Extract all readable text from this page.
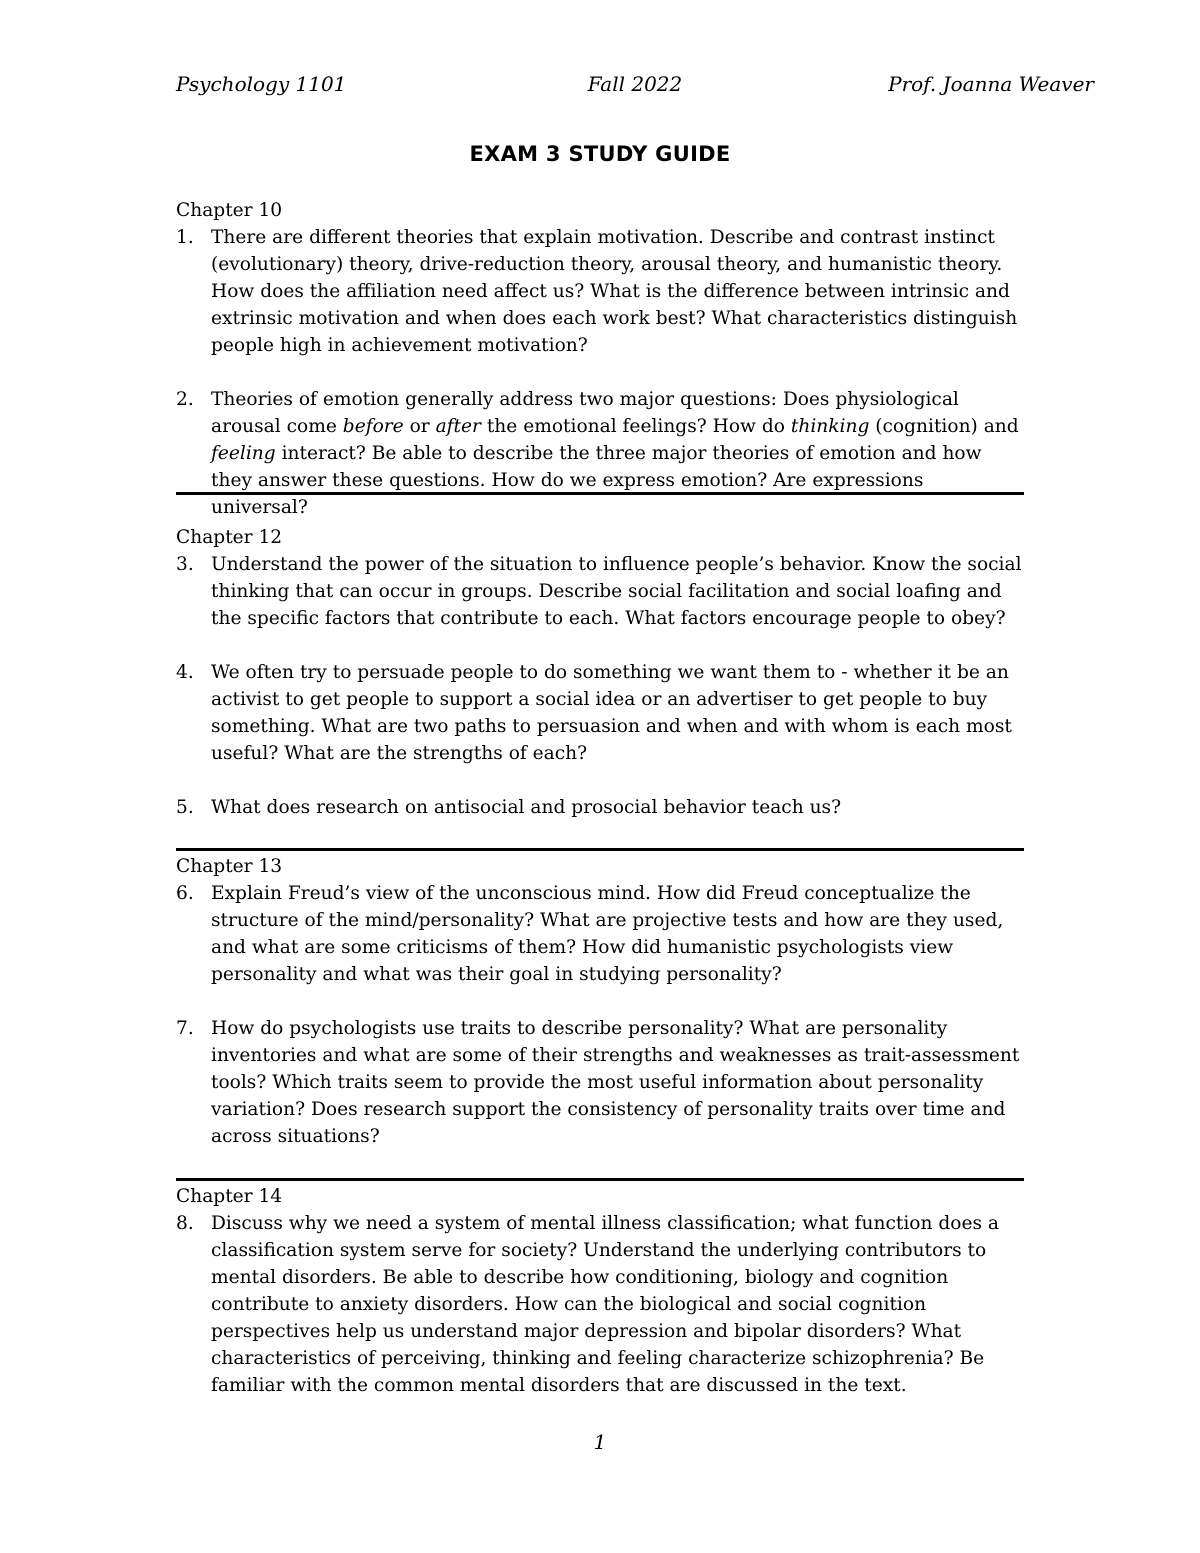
Psychology 1101	Fall 2022	Prof. Joanna Weaver
EXAM 3 STUDY GUIDE
Chapter 10
1. There are different theories that explain motivation. Describe and contrast instinct (evolutionary) theory, drive-reduction theory, arousal theory, and humanistic theory. How does the affiliation need affect us? What is the difference between intrinsic and extrinsic motivation and when does each work best? What characteristics distinguish people high in achievement motivation?
2. Theories of emotion generally address two major questions: Does physiological arousal come before or after the emotional feelings? How do thinking (cognition) and feeling interact? Be able to describe the three major theories of emotion and how they answer these questions. How do we express emotion? Are expressions universal?
Chapter 12
3. Understand the power of the situation to influence people’s behavior. Know the social thinking that can occur in groups. Describe social facilitation and social loafing and the specific factors that contribute to each. What factors encourage people to obey?
4. We often try to persuade people to do something we want them to - whether it be an activist to get people to support a social idea or an advertiser to get people to buy something. What are two paths to persuasion and when and with whom is each most useful? What are the strengths of each?
5. What does research on antisocial and prosocial behavior teach us?
Chapter 13
6. Explain Freud’s view of the unconscious mind. How did Freud conceptualize the structure of the mind/personality? What are projective tests and how are they used, and what are some criticisms of them? How did humanistic psychologists view personality and what was their goal in studying personality?
7. How do psychologists use traits to describe personality? What are personality inventories and what are some of their strengths and weaknesses as trait-assessment tools? Which traits seem to provide the most useful information about personality variation? Does research support the consistency of personality traits over time and across situations?
Chapter 14
8. Discuss why we need a system of mental illness classification; what function does a classification system serve for society? Understand the underlying contributors to mental disorders. Be able to describe how conditioning, biology and cognition contribute to anxiety disorders. How can the biological and social cognition perspectives help us understand major depression and bipolar disorders? What characteristics of perceiving, thinking and feeling characterize schizophrenia? Be familiar with the common mental disorders that are discussed in the text.
1
